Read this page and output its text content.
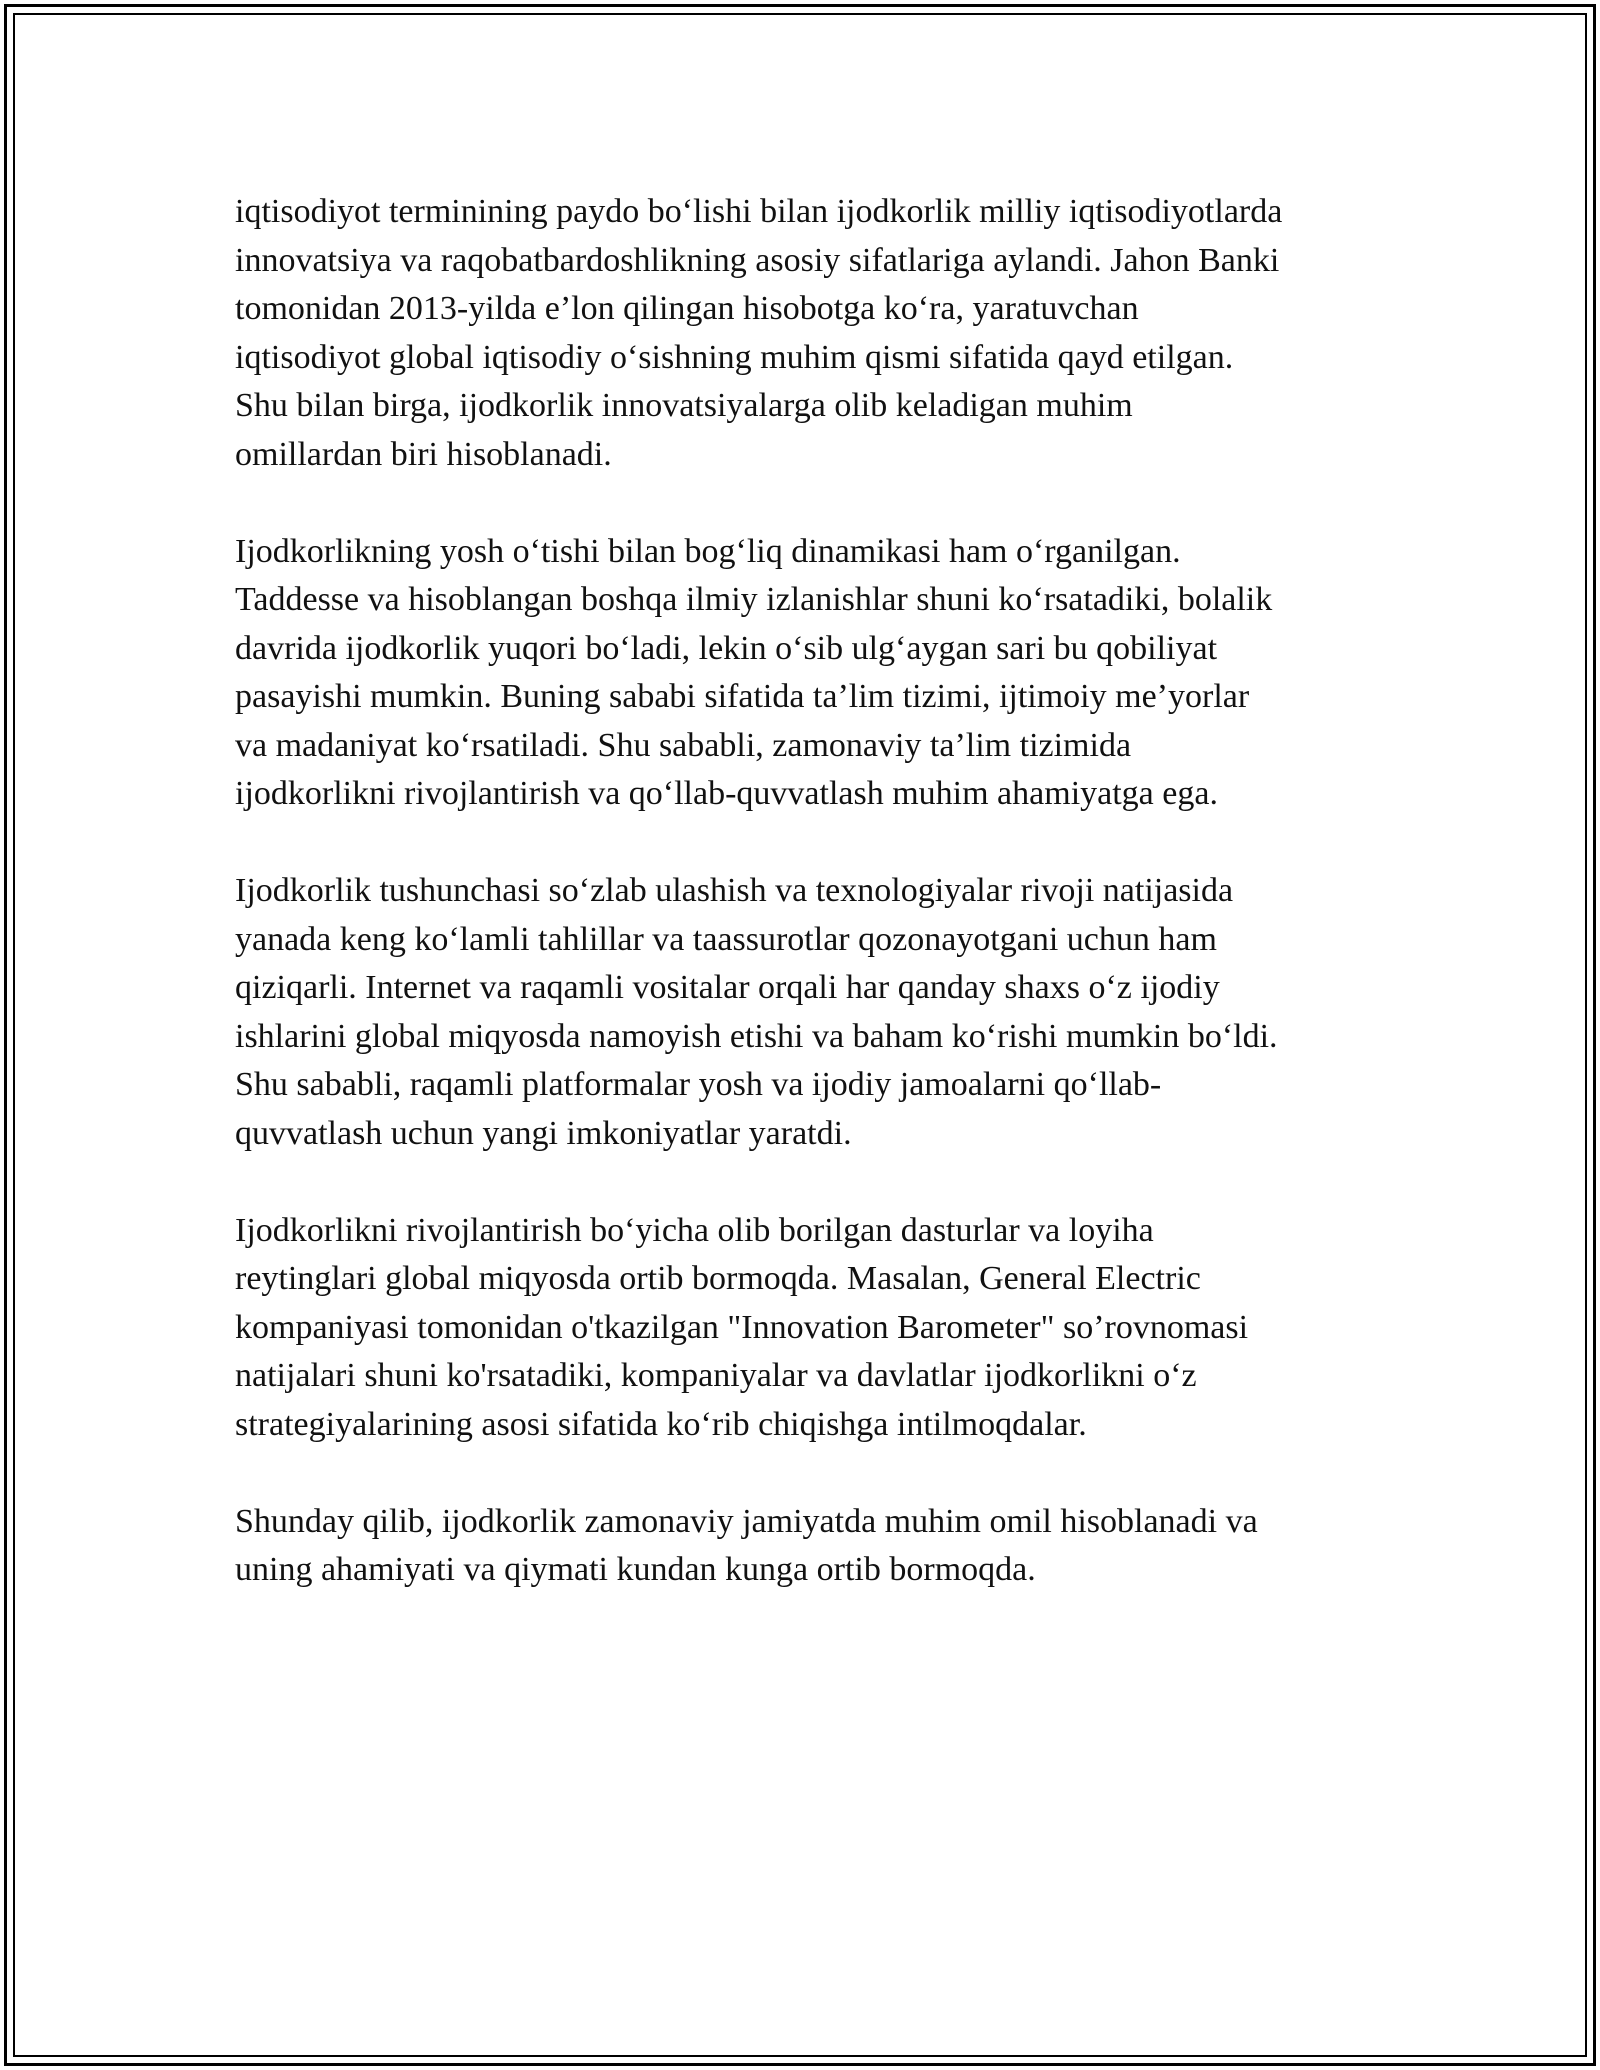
iqtisodiyot terminining paydo bo‘lishi bilan ijodkorlik milliy iqtisodiyotlarda
innovatsiya va raqobatbardoshlikning asosiy sifatlariga aylandi. Jahon Banki
tomonidan 2013-yilda e’lon qilingan hisobotga ko‘ra, yaratuvchan
iqtisodiyot global iqtisodiy o‘sishning muhim qismi sifatida qayd etilgan.
Shu bilan birga, ijodkorlik innovatsiyalarga olib keladigan muhim
omillardan biri hisoblanadi.

Ijodkorlikning yosh o‘tishi bilan bog‘liq dinamikasi ham o‘rganilgan.
Taddesse va hisoblangan boshqa ilmiy izlanishlar shuni ko‘rsatadiki, bolalik
davrida ijodkorlik yuqori bo‘ladi, lekin o‘sib ulg‘aygan sari bu qobiliyat
pasayishi mumkin. Buning sababi sifatida ta’lim tizimi, ijtimoiy me’yorlar
va madaniyat ko‘rsatiladi. Shu sababli, zamonaviy ta’lim tizimida
ijodkorlikni rivojlantirish va qo‘llab-quvvatlash muhim ahamiyatga ega.

Ijodkorlik tushunchasi so‘zlab ulashish va texnologiyalar rivoji natijasida
yanada keng ko‘lamli tahlillar va taassurotlar qozonayotgani uchun ham
qiziqarli. Internet va raqamli vositalar orqali har qanday shaxs o‘z ijodiy
ishlarini global miqyosda namoyish etishi va baham ko‘rishi mumkin bo‘ldi.
Shu sababli, raqamli platformalar yosh va ijodiy jamoalarni qo‘llab-
quvvatlash uchun yangi imkoniyatlar yaratdi.

Ijodkorlikni rivojlantirish bo‘yicha olib borilgan dasturlar va loyiha
reytinglari global miqyosda ortib bormoqda. Masalan, General Electric
kompaniyasi tomonidan o'tkazilgan "Innovation Barometer" so’rovnomasi
natijalari shuni ko'rsatadiki, kompaniyalar va davlatlar ijodkorlikni o‘z
strategiyalarining asosi sifatida ko‘rib chiqishga intilmoqdalar.

Shunday qilib, ijodkorlik zamonaviy jamiyatda muhim omil hisoblanadi va
uning ahamiyati va qiymati kundan kunga ortib bormoqda.
